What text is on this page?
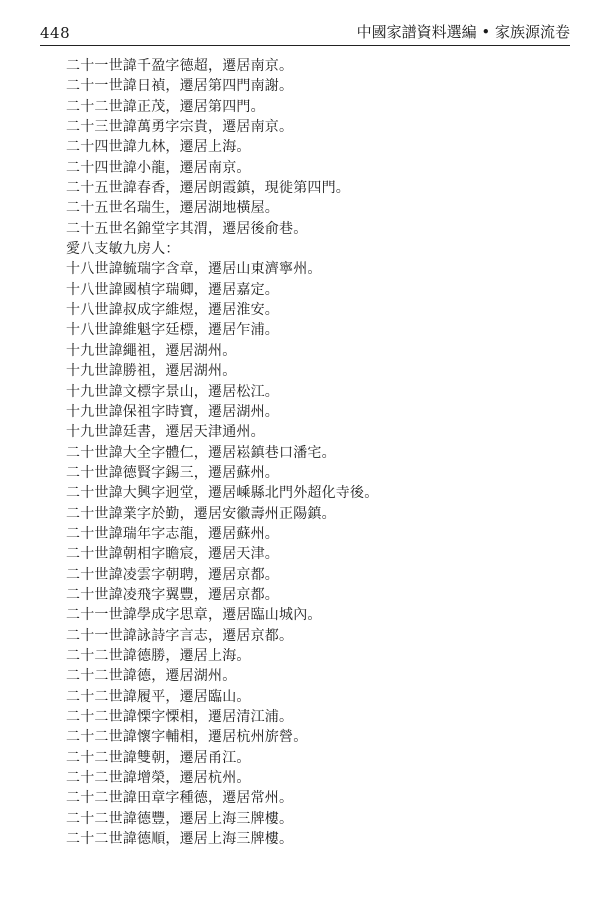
448	中國家譜資料選編 • 家族源流卷
二十一世諱千盈字德超，遷居南京。
二十一世諱日禎，遷居第四門南謝。
二十二世諱正茂，遷居第四門。
二十三世諱萬勇字宗貴，遷居南京。
二十四世諱九林，遷居上海。
二十四世諱小龍，遷居南京。
二十五世諱春香，遷居朗霞鎮，現徙第四門。
二十五世名瑞生，遷居湖地橫屋。
二十五世名錦堂字其渭，遷居後俞巷。
愛八支敏九房人：
十八世諱毓瑞字含章，遷居山東濟寧州。
十八世諱國楨字瑞卿，遷居嘉定。
十八世諱叔成字維煜，遷居淮安。
十八世諱維魁字廷標，遷居乍浦。
十九世諱繩祖，遷居湖州。
十九世諱勝祖，遷居湖州。
十九世諱文標字景山，遷居松江。
十九世諱保祖字時寶，遷居湖州。
十九世諱廷書，遷居天津通州。
二十世諱大全字體仁，遷居崧鎮巷口潘宅。
二十世諱德賢字錫三，遷居蘇州。
二十世諱大興字迥堂，遷居嵊縣北門外超化寺後。
二十世諱業字於勤，遷居安徽壽州正陽鎮。
二十世諱瑞年字志龍，遷居蘇州。
二十世諱朝相字瞻宸，遷居天津。
二十世諱凌雲字朝聘，遷居京都。
二十世諱凌飛字翼豐，遷居京都。
二十一世諱學成字思章，遷居臨山城內。
二十一世諱詠詩字言志，遷居京都。
二十二世諱德勝，遷居上海。
二十二世諱德，遷居湖州。
二十二世諱履平，遷居臨山。
二十二世諱慄字慄相，遷居清江浦。
二十二世諱懷字輔相，遷居杭州旂營。
二十二世諱雙朝，遷居甬江。
二十二世諱增榮，遷居杭州。
二十二世諱田章字種德，遷居常州。
二十二世諱德豐，遷居上海三牌樓。
二十二世諱德順，遷居上海三牌樓。
